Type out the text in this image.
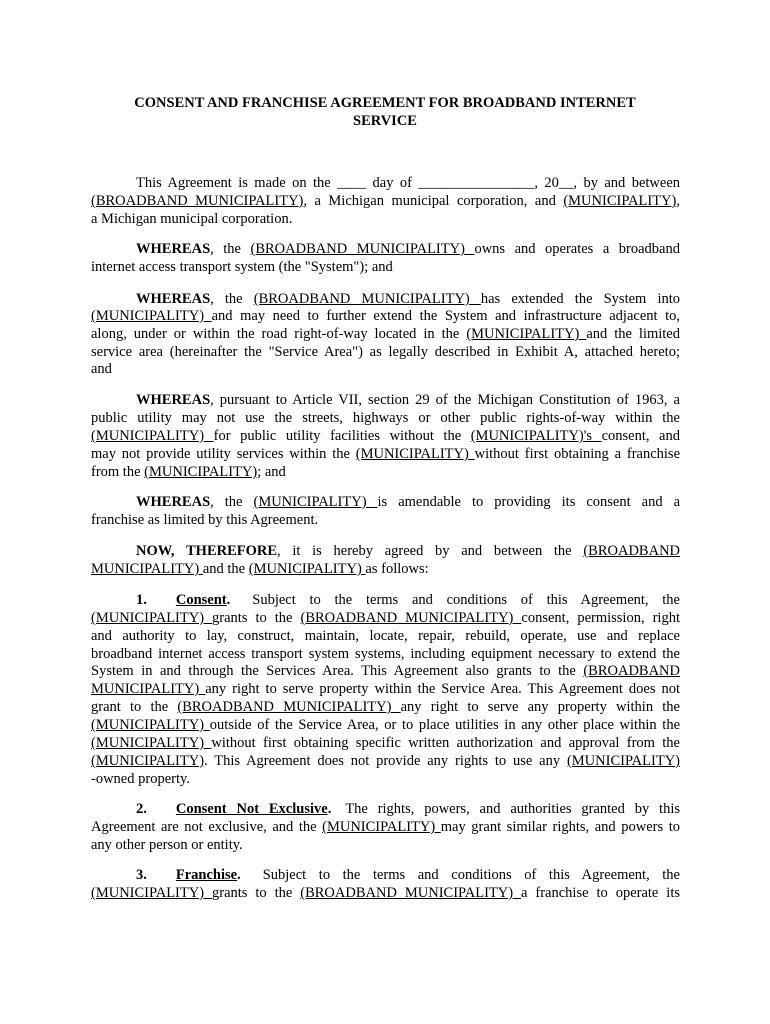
CONSENT AND FRANCHISE AGREEMENT FOR BROADBAND INTERNET
SERVICE
This Agreement is made on the ____ day of ________________, 20__, by and between
(BROADBAND MUNICIPALITY), a Michigan municipal corporation, and (MUNICIPALITY),
a Michigan municipal corporation.
WHEREAS, the (BROADBAND MUNICIPALITY) owns and operates a broadband
internet access transport system (the "System"); and
WHEREAS, the (BROADBAND MUNICIPALITY) has extended the System into
(MUNICIPALITY) and may need to further extend the System and infrastructure adjacent to,
along, under or within the road right-of-way located in the (MUNICIPALITY) and the limited
service area (hereinafter the "Service Area") as legally described in Exhibit A, attached hereto;
and
WHEREAS, pursuant to Article VII, section 29 of the Michigan Constitution of 1963, a
public utility may not use the streets, highways or other public rights-of-way within the
(MUNICIPALITY) for public utility facilities without the (MUNICIPALITY)'s consent, and
may not provide utility services within the (MUNICIPALITY) without first obtaining a franchise
from the (MUNICIPALITY); and
WHEREAS, the (MUNICIPALITY) is amendable to providing its consent and a
franchise as limited by this Agreement.
NOW, THEREFORE, it is hereby agreed by and between the (BROADBAND
MUNICIPALITY) and the (MUNICIPALITY) as follows:
1. Consent. Subject to the terms and conditions of this Agreement, the
(MUNICIPALITY) grants to the (BROADBAND MUNICIPALITY) consent, permission, right
and authority to lay, construct, maintain, locate, repair, rebuild, operate, use and replace
broadband internet access transport system systems, including equipment necessary to extend the
System in and through the Services Area. This Agreement also grants to the (BROADBAND
MUNICIPALITY) any right to serve property within the Service Area. This Agreement does not
grant to the (BROADBAND MUNICIPALITY) any right to serve any property within the
(MUNICIPALITY) outside of the Service Area, or to place utilities in any other place within the
(MUNICIPALITY) without first obtaining specific written authorization and approval from the
(MUNICIPALITY). This Agreement does not provide any rights to use any (MUNICIPALITY)
-owned property.
2. Consent Not Exclusive. The rights, powers, and authorities granted by this
Agreement are not exclusive, and the (MUNICIPALITY) may grant similar rights, and powers to
any other person or entity.
3. Franchise. Subject to the terms and conditions of this Agreement, the
(MUNICIPALITY) grants to the (BROADBAND MUNICIPALITY) a franchise to operate its
